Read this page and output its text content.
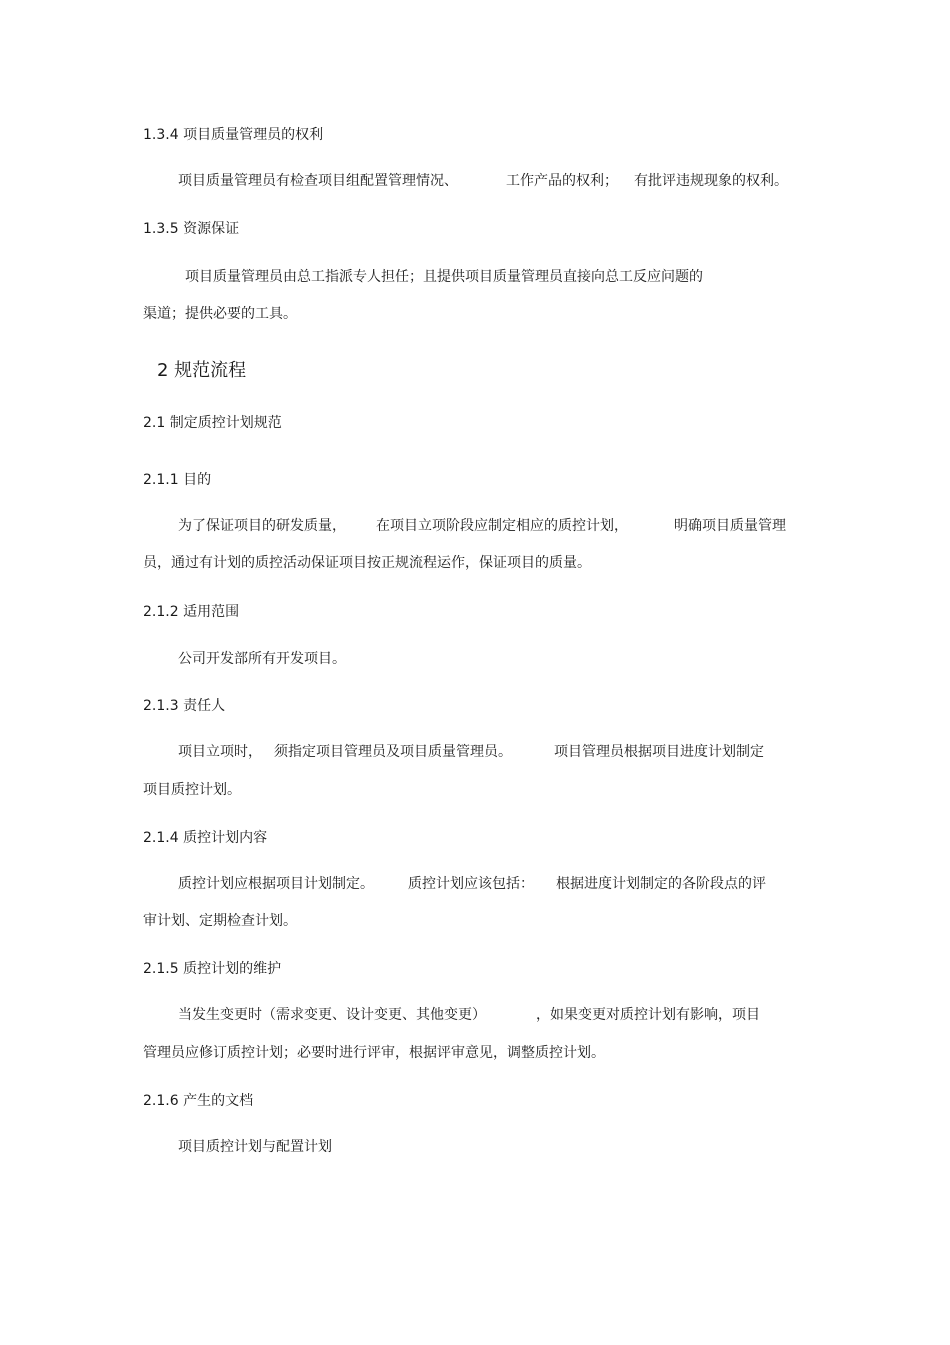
1.3.4 项目质量管理员的权利
项目质量管理员有检查项目组配置管理情况、	工作产品的权利； 有批评违规现象的权利。
1.3.5 资源保证
项目质量管理员由总工指派专人担任；且提供项目质量管理员直接向总工反应问题的
渠道；提供必要的工具。
2 规范流程
2.1 制定质控计划规范
2.1.1 目的
为了保证项目的研发质量， 在项目立项阶段应制定相应的质控计划，	明确项目质量管理
员，通过有计划的质控活动保证项目按正规流程运作，保证项目的质量。
2.1.2 适用范围
公司开发部所有开发项目。
2.1.3 责任人
项目立项时， 须指定项目管理员及项目质量管理员。	项目管理员根据项目进度计划制定
项目质控计划。
2.1.4 质控计划内容
质控计划应根据项目计划制定。 质控计划应该包括： 根据进度计划制定的各阶段点的评
审计划、定期检查计划。
2.1.5 质控计划的维护
当发生变更时（需求变更、设计变更、其他变更）	，如果变更对质控计划有影响，项目
管理员应修订质控计划；必要时进行评审，根据评审意见，调整质控计划。
2.1.6 产生的文档
项目质控计划与配置计划
